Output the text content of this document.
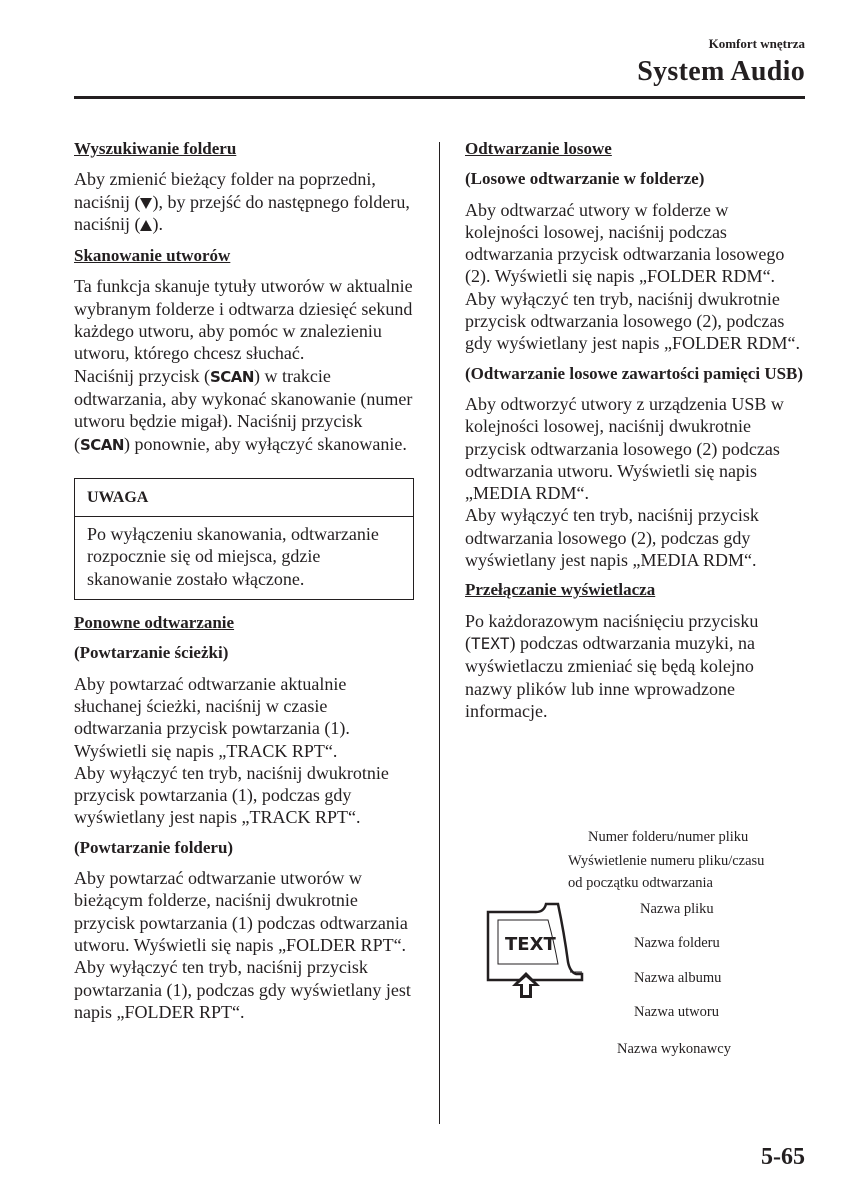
Komfort wnętrza
System Audio
Wyszukiwanie folderu

Aby zmienić bieżący folder na poprzedni, naciśnij ( ), by przejść do następnego folderu, naciśnij ( ).

Skanowanie utworów

Ta funkcja skanuje tytuły utworów w aktualnie wybranym folderze i odtwarza dziesięć sekund każdego utworu, aby pomóc w znalezieniu utworu, którego chcesz słuchać.

Naciśnij przycisk (SCAN) w trakcie odtwarzania, aby wykonać skanowanie (numer utworu będzie migał). Naciśnij przycisk (SCAN) ponownie, aby wyłączyć skanowanie.

UWAGA
Po wyłączeniu skanowania, odtwarzanie rozpocznie się od miejsca, gdzie skanowanie zostało włączone.
Ponowne odtwarzanie
(Powtarzanie ścieżki)

Aby powtarzać odtwarzanie aktualnie słuchanej ścieżki, naciśnij w czasie odtwarzania przycisk powtarzania (1). Wyświetli się napis „TRACK RPT“.

Aby wyłączyć ten tryb, naciśnij dwukrotnie przycisk powtarzania (1), podczas gdy wyświetlany jest napis „TRACK RPT“.

(Powtarzanie folderu)

Aby powtarzać odtwarzanie utworów w bieżącym folderze, naciśnij dwukrotnie przycisk powtarzania (1) podczas odtwarzania utworu. Wyświetli się napis „FOLDER RPT“.

Aby wyłączyć ten tryb, naciśnij przycisk powtarzania (1), podczas gdy wyświetlany jest napis „FOLDER RPT“.

Odtwarzanie losowe
(Losowe odtwarzanie w folderze)

Aby odtwarzać utwory w folderze w kolejności losowej, naciśnij podczas odtwarzania przycisk odtwarzania losowego (2). Wyświetli się napis „FOLDER RDM“.

Aby wyłączyć ten tryb, naciśnij dwukrotnie przycisk odtwarzania losowego (2), podczas gdy wyświetlany jest napis „FOLDER RDM“.

(Odtwarzanie losowe zawartości pamięci USB)

Aby odtworzyć utwory z urządzenia USB w kolejności losowej, naciśnij dwukrotnie przycisk odtwarzania losowego (2) podczas odtwarzania utworu. Wyświetli się napis „MEDIA RDM“.

Aby wyłączyć ten tryb, naciśnij przycisk odtwarzania losowego (2), podczas gdy wyświetlany jest napis „MEDIA RDM“.

Przełączanie wyświetlacza

Po każdorazowym naciśnięciu przycisku (TEXT) podczas odtwarzania muzyki, na wyświetlaczu zmieniać się będą kolejno nazwy plików lub inne wprowadzone informacje.

TEXT
Numer folderu/numer pliku
Wyświetlenie numeru pliku/czasu
od początku odtwarzania
Nazwa pliku
Nazwa folderu
Nazwa albumu
Nazwa utworu
Nazwa wykonawcy
5-65
